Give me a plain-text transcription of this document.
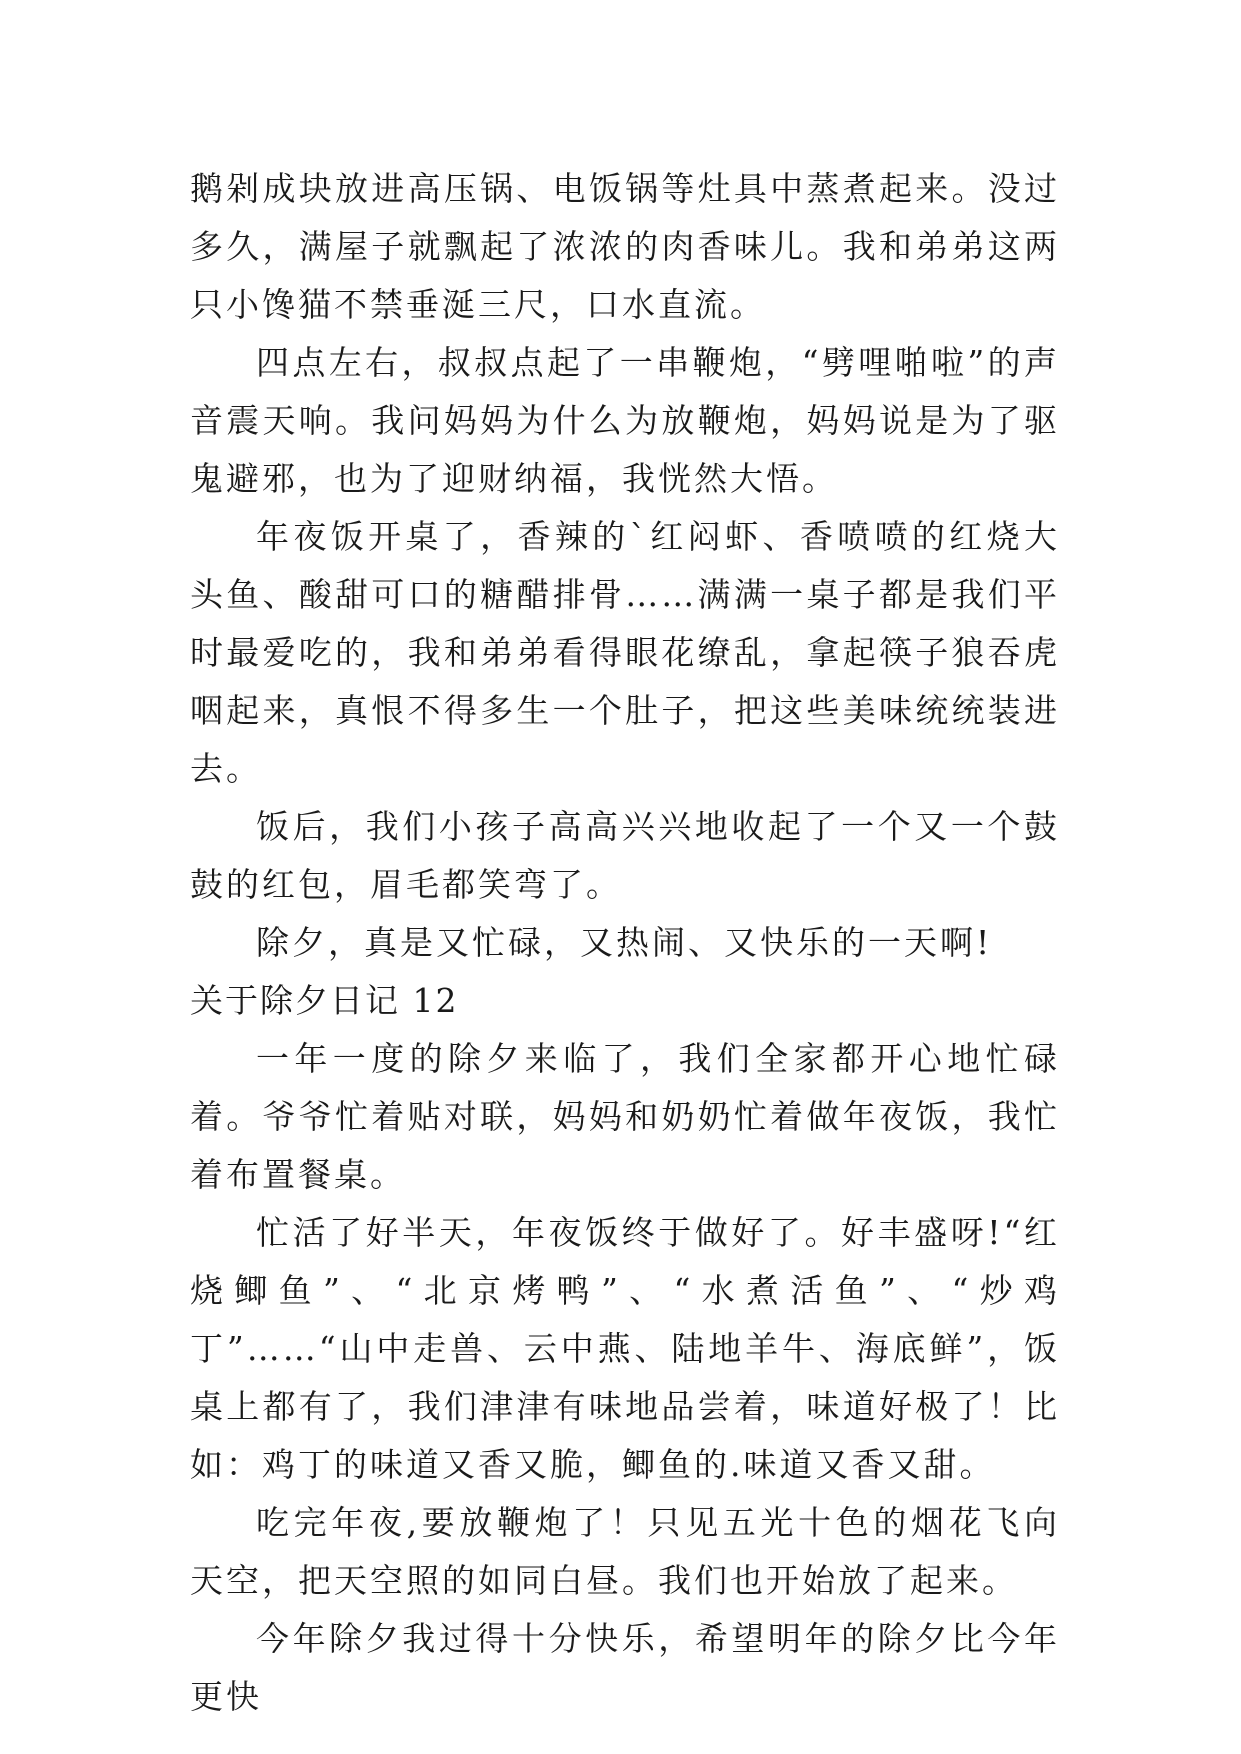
鹅剁成块放进高压锅、电饭锅等灶具中蒸煮起来。没过多久，满屋子就飘起了浓浓的肉香味儿。我和弟弟这两只小馋猫不禁垂涎三尺，口水直流。

四点左右，叔叔点起了一串鞭炮，“劈哩啪啦”的声音震天响。我问妈妈为什么为放鞭炮，妈妈说是为了驱鬼避邪，也为了迎财纳福，我恍然大悟。

年夜饭开桌了，香辣的`红闷虾、香喷喷的红烧大头鱼、酸甜可口的糖醋排骨……满满一桌子都是我们平时最爱吃的，我和弟弟看得眼花缭乱，拿起筷子狼吞虎咽起来，真恨不得多生一个肚子，把这些美味统统装进去。

饭后，我们小孩子高高兴兴地收起了一个又一个鼓鼓的红包，眉毛都笑弯了。

除夕，真是又忙碌，又热闹、又快乐的一天啊!

关于除夕日记 12

一年一度的除夕来临了，我们全家都开心地忙碌着。爷爷忙着贴对联，妈妈和奶奶忙着做年夜饭，我忙着布置餐桌。

忙活了好半天，年夜饭终于做好了。好丰盛呀!“红烧鲫鱼”、“北京烤鸭”、“水煮活鱼”、“炒鸡丁”……“山中走兽、云中燕、陆地羊牛、海底鲜”，饭桌上都有了，我们津津有味地品尝着，味道好极了！比如：鸡丁的味道又香又脆，鲫鱼的.味道又香又甜。

吃完年夜,要放鞭炮了！只见五光十色的烟花飞向天空，把天空照的如同白昼。我们也开始放了起来。

今年除夕我过得十分快乐，希望明年的除夕比今年更快
